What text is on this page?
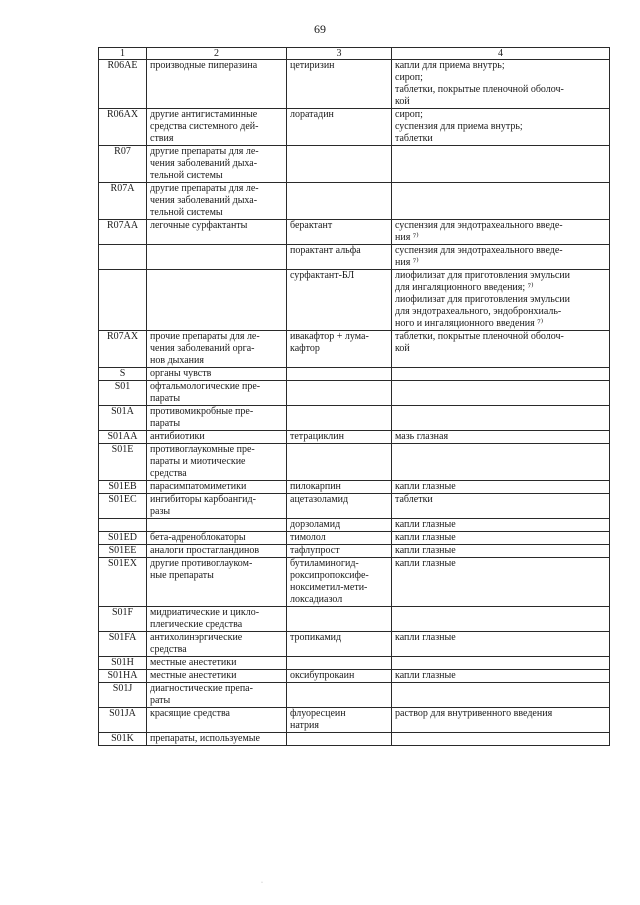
69
1	2	3	4
R06AE	производные пиперазина	цетиризин	капли для приема внутрь;
сироп;
таблетки, покрытые пленочной оболоч-
кой
R06AX	другие антигистаминные средства системного дей-
ствия	лоратадин	сироп;
суспензия для приема внутрь;
таблетки
R07	другие препараты для ле-
чения заболеваний дыха-
тельной системы		
R07A	другие препараты для ле-
чения заболеваний дыха-
тельной системы		
R07AA	легочные сурфактанты	берактант	суспензия для эндотрахеального введе-
ния ⁷⁾
		порактант альфа	суспензия для эндотрахеального введе-
ния ⁷⁾
		сурфактант-БЛ	лиофилизат для приготовления эмульсии
для ингаляционного введения; ⁷⁾
лиофилизат для приготовления эмульсии
для эндотрахеального, эндобронхиаль-
ного и ингаляционного введения ⁷⁾
R07AX	прочие препараты для ле-
чения заболеваний орга-
нов дыхания	ивакафтор + лума-
кафтор	таблетки, покрытые пленочной оболоч-
кой
S	органы чувств		
S01	офтальмологические пре-
параты		
S01A	противомикробные пре-
параты		
S01AA	антибиотики	тетрациклин	мазь глазная
S01E	противоглаукомные пре-
параты и миотические
средства		
S01EB	парасимпатомиметики	пилокарпин	капли глазные
S01EC	ингибиторы карбоангид-
разы	ацетазоламид	таблетки
		дорзоламид	капли глазные
S01ED	бета-адреноблокаторы	тимолол	капли глазные
S01EE	аналоги простагландинов	тафлупрост	капли глазные
S01EX	другие противоглауком-
ные препараты	бутиламиногид-
роксипропоксифе-
ноксиметил-мети-
локсадиазол	капли глазные
S01F	мидриатические и цикло-
плегические средства		
S01FA	антихолинэргические
средства	тропикамид	капли глазные
S01H	местные анестетики		
S01HA	местные анестетики	оксибупрокаин	капли глазные
S01J	диагностические препа-
раты		
S01JA	красящие средства	флуоресцеин
натрия	раствор для внутривенного введения
S01K	препараты, используемые		
·
